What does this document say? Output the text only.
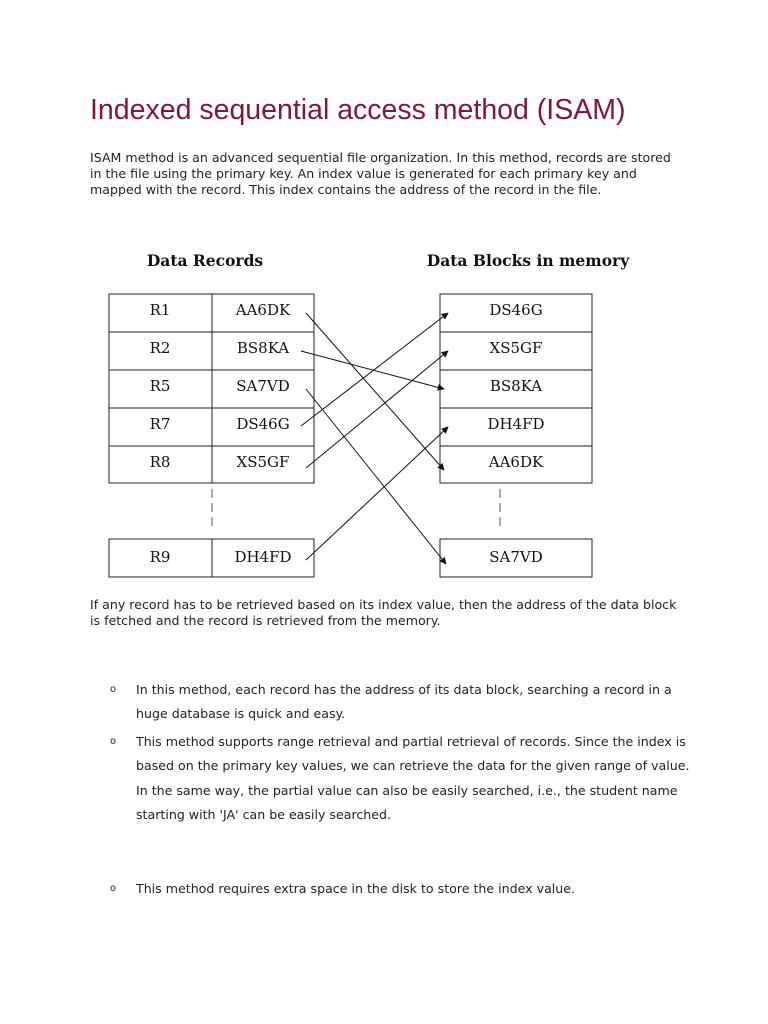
Indexed sequential access method (ISAM)

ISAM method is an advanced sequential file organization. In this method, records are stored in the file using the primary key. An index value is generated for each primary key and mapped with the record. This index contains the address of the record in the file.

Data Records	Data Blocks in memory
R1	AA6DK
R2	BS8KA
R5	SA7VD
R7	DS46G
R8	XS5GF
R9	DH4FD
DS46G
XS5GF
BS8KA
DH4FD
AA6DK
SA7VD

If any record has to be retrieved based on its index value, then the address of the data block is fetched and the record is retrieved from the memory.

o In this method, each record has the address of its data block, searching a record in a huge database is quick and easy.
o This method supports range retrieval and partial retrieval of records. Since the index is based on the primary key values, we can retrieve the data for the given range of value. In the same way, the partial value can also be easily searched, i.e., the student name starting with 'JA' can be easily searched.
o This method requires extra space in the disk to store the index value.
